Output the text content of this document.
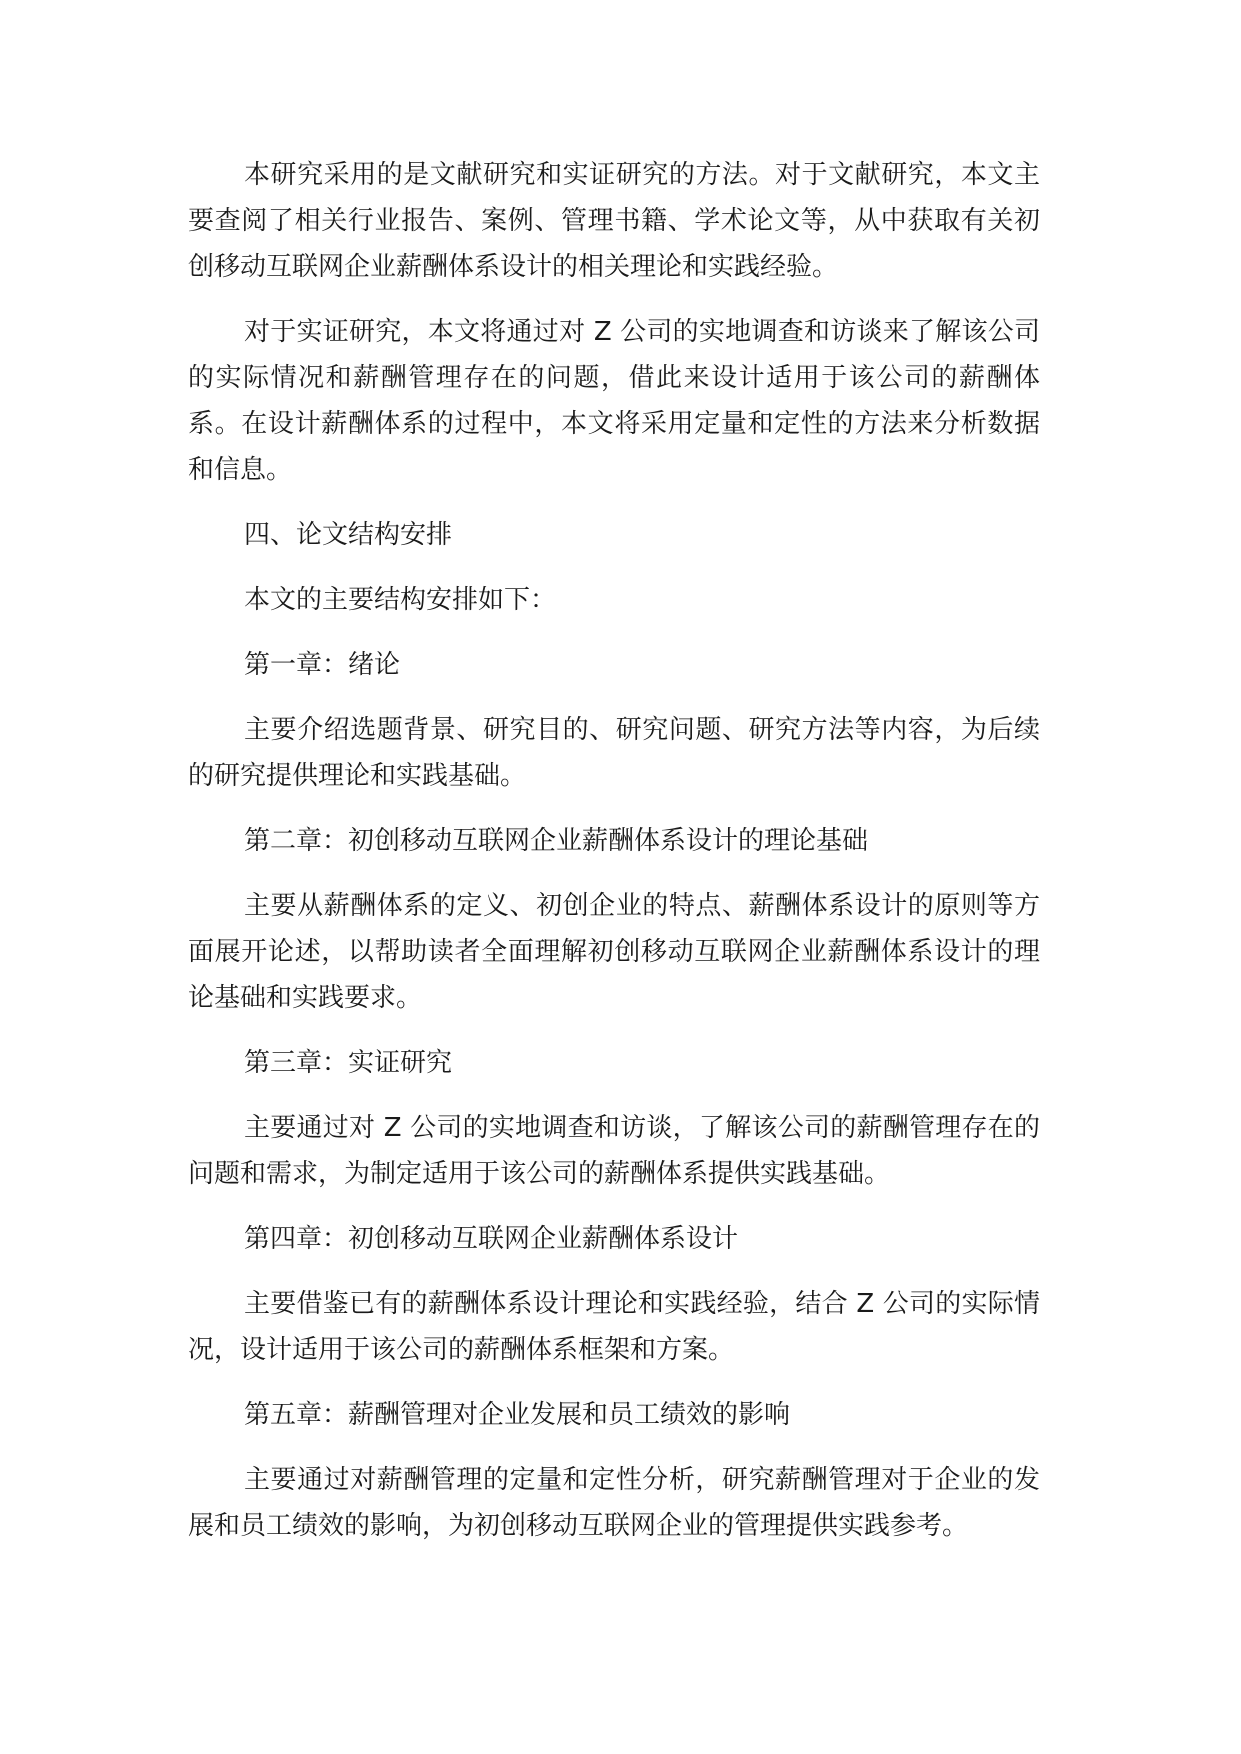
本研究采用的是文献研究和实证研究的方法。对于文献研究，本文主要查阅了相关行业报告、案例、管理书籍、学术论文等，从中获取有关初创移动互联网企业薪酬体系设计的相关理论和实践经验。

对于实证研究，本文将通过对 Z 公司的实地调查和访谈来了解该公司的实际情况和薪酬管理存在的问题，借此来设计适用于该公司的薪酬体系。在设计薪酬体系的过程中，本文将采用定量和定性的方法来分析数据和信息。

四、论文结构安排

本文的主要结构安排如下：

第一章：绪论

主要介绍选题背景、研究目的、研究问题、研究方法等内容，为后续的研究提供理论和实践基础。

第二章：初创移动互联网企业薪酬体系设计的理论基础

主要从薪酬体系的定义、初创企业的特点、薪酬体系设计的原则等方面展开论述，以帮助读者全面理解初创移动互联网企业薪酬体系设计的理论基础和实践要求。

第三章：实证研究

主要通过对 Z 公司的实地调查和访谈，了解该公司的薪酬管理存在的问题和需求，为制定适用于该公司的薪酬体系提供实践基础。

第四章：初创移动互联网企业薪酬体系设计

主要借鉴已有的薪酬体系设计理论和实践经验，结合 Z 公司的实际情况，设计适用于该公司的薪酬体系框架和方案。

第五章：薪酬管理对企业发展和员工绩效的影响

主要通过对薪酬管理的定量和定性分析，研究薪酬管理对于企业的发展和员工绩效的影响，为初创移动互联网企业的管理提供实践参考。
